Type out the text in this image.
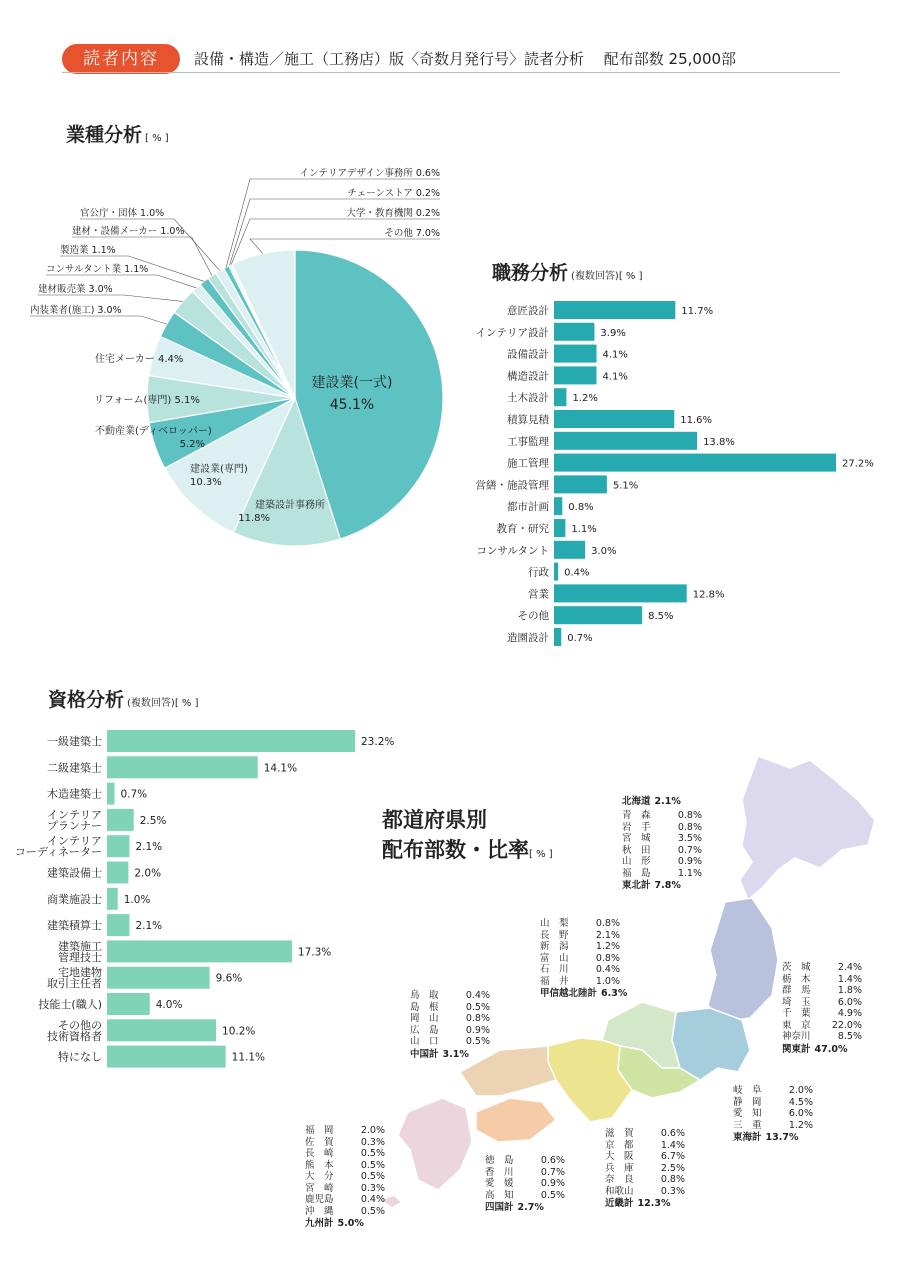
読者内容	設備・構造／施工（工務店）版〈奇数月発行号〉読者分析　 配布部数 25,000部
業種分析 [ % ]
職務分析 (複数回答)[ % ]
資格分析 (複数回答)[ % ]
建設業(一式)
45.1%
建築設計事務所
11.8%
建設業(専門)
10.3%
不動産業(ディベロッパー)
5.2%
リフォーム(専門) 5.1%
住宅メーカー 4.4%
内装業者(施工) 3.0%
建材販売業 3.0%
コンサルタント業 1.1%
製造業 1.1%
建材・設備メーカー 1.0%
官公庁・団体 1.0%
インテリアデザイン事務所 0.6%
チェーンストア 0.2%
大学・教育機関 0.2%
その他 7.0%
意匠設計	11.7%
インテリア設計	3.9%
設備設計	4.1%
構造設計	4.1%
土木設計 1.2%
積算見積	11.6%
工事監理	13.8%
施工管理	27.2%
営繕・施設管理	5.1%
都市計画 0.8%
教育・研究 1.1%
コンサルタント	3.0%
行政 0.4%
営業	12.8%
その他	8.5%
造園設計 0.7%
一級建築士	23.2%
二級建築士	14.1%
木造建築士 0.7%
インテリア
プランナー	2.5%
インテリア
コーディネーター	2.1%
建築設備士	2.0%
商業施設士 1.0%
建築積算士	2.1%
建築施工
管理技士	17.3%
宅地建物
取引主任者	9.6%
技能士(職人)	4.0%
その他の
技術資格者	10.2%
特になし	11.1%
都道府県別
配布部数・比率[ % ]
北海道 2.1%
青　森	0.8%
岩　手	0.8%
宮　城	3.5%
秋　田	0.7%
山　形	0.9%
福　島	1.1%
東北計 7.8%
山　梨	0.8%
長　野	2.1%
新　潟	1.2%
富　山	0.8%
石　川	0.4%
福　井	1.0%
甲信越北陸計 6.3%
茨　城	2.4%
栃　木	1.4%
群　馬	1.8%
埼　玉	6.0%
千　葉	4.9%
東　京	22.0%
神奈川	8.5%
関東計 47.0%
鳥　取	0.4%
島　根	0.5%
岡　山	0.8%
広　島	0.9%
山　口	0.5%
中国計 3.1%
岐　阜	2.0%
静　岡	4.5%
愛　知	6.0%
三　重	1.2%
東海計 13.7%
徳　島	0.6%
香　川	0.7%
愛　媛	0.9%
高　知	0.5%
四国計 2.7%
滋　賀	0.6%
京　都	1.4%
大　阪	6.7%
兵　庫	2.5%
奈　良	0.8%
和歌山	0.3%
近畿計 12.3%
福　岡	2.0%
佐　賀	0.3%
長　崎	0.5%
熊　本	0.5%
大　分	0.5%
宮　崎	0.3%
鹿児島	0.4%
沖　縄	0.5%
九州計 5.0%
